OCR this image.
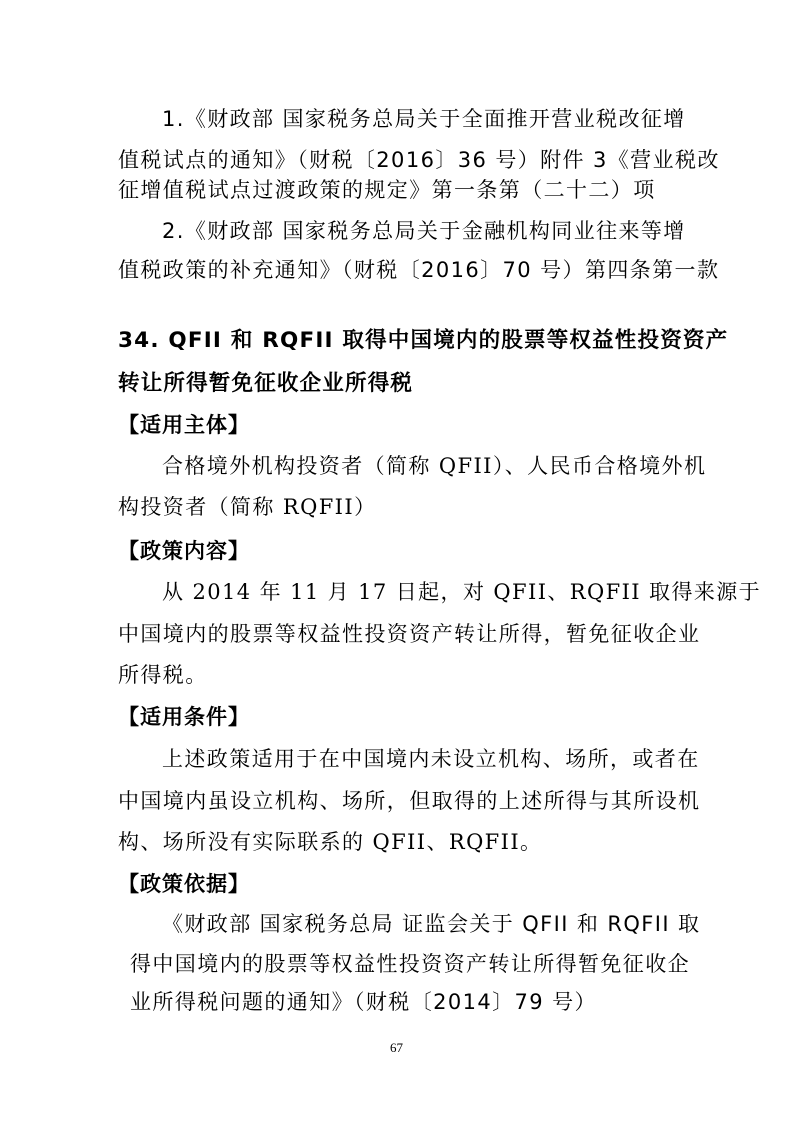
1.《财政部 国家税务总局关于全面推开营业税改征增
值税试点的通知》（财税〔2016〕36 号）附件 3《营业税改
征增值税试点过渡政策的规定》第一条第（二十二）项
2.《财政部 国家税务总局关于金融机构同业往来等增
值税政策的补充通知》（财税〔2016〕70 号）第四条第一款
34. QFII 和 RQFII 取得中国境内的股票等权益性投资资产
转让所得暂免征收企业所得税
【适用主体】
合格境外机构投资者（简称 QFII）、人民币合格境外机
构投资者（简称 RQFII）
【政策内容】
从 2014 年 11 月 17 日起，对 QFII、RQFII 取得来源于
中国境内的股票等权益性投资资产转让所得，暂免征收企业
所得税。
【适用条件】
上述政策适用于在中国境内未设立机构、场所，或者在
中国境内虽设立机构、场所，但取得的上述所得与其所设机
构、场所没有实际联系的 QFII、RQFII。
【政策依据】
《财政部 国家税务总局 证监会关于 QFII 和 RQFII 取
得中国境内的股票等权益性投资资产转让所得暂免征收企
业所得税问题的通知》（财税〔2014〕79 号）
67
